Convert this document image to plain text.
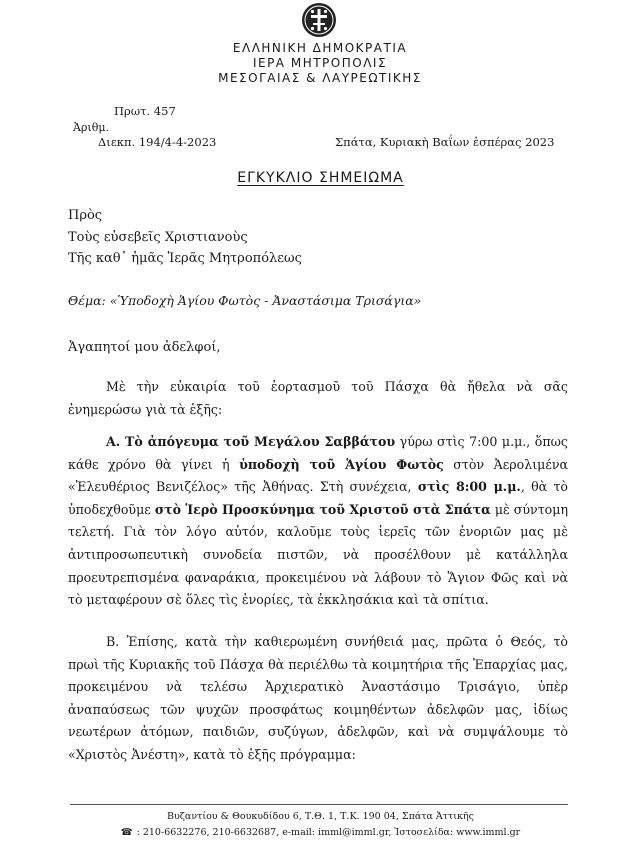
ΕΛΛΗΝΙΚΗ ΔΗΜΟΚΡΑΤΙΑ
ΙΕΡΑ ΜΗΤΡΟΠΟΛΙΣ
ΜΕΣΟΓΑΙΑΣ & ΛΑΥΡΕΩΤΙΚΗΣ
Πρωτ. 457
Ἀριθμ.
Διεκπ. 194/4-4-2023	Σπάτα, Κυριακὴ Βαΐων ἑσπέρας 2023
ΕΓΚΥΚΛΙΟ ΣΗΜΕΙΩΜΑ
Πρὸς
Τοὺς εὐσεβεῖς Χριστιανοὺς
Τῆς καθ᾽ ἡμᾶς Ἱερᾶς Μητροπόλεως
Θέμα: «Ὑποδοχὴ Ἁγίου Φωτὸς - Ἀναστάσιμα Τρισάγια»
Ἀγαπητοί μου ἀδελφοί,
Μὲ τὴν εὐκαιρία τοῦ ἑορτασμοῦ τοῦ Πάσχα θὰ ἤθελα νὰ σᾶς ἐνημερώσω γιὰ τὰ ἑξῆς:
Α. Τὸ ἀπόγευμα τοῦ Μεγάλου Σαββάτου γύρω στὶς 7:00 μ.μ., ὅπως κάθε χρόνο θὰ γίνει ἡ ὑποδοχὴ τοῦ Ἁγίου Φωτὸς στὸν Ἀερολιμένα «Ἐλευθέριος Βενιζέλος» τῆς Ἀθήνας. Στὴ συνέχεια, στὶς 8:00 μ.μ., θὰ τὸ ὑποδεχθοῦμε στὸ Ἱερὸ Προσκύνημα τοῦ Χριστοῦ στὰ Σπάτα μὲ σύντομη τελετή. Γιὰ τὸν λόγο αὐτόν, καλοῦμε τοὺς ἱερεῖς τῶν ἐνοριῶν μας μὲ ἀντιπροσωπευτικὴ συνοδεία πιστῶν, νὰ προσέλθουν μὲ κατάλληλα προευτρεπισμένα φαναράκια, προκειμένου νὰ λάβουν τὸ Ἅγιον Φῶς καὶ νὰ τὸ μεταφέρουν σὲ ὅλες τὶς ἐνορίες, τὰ ἐκκλησάκια καὶ τὰ σπίτια.
Β. Ἐπίσης, κατὰ τὴν καθιερωμένη συνήθειά μας, πρῶτα ὁ Θεός, τὸ πρωὶ τῆς Κυριακῆς τοῦ Πάσχα θὰ περιέλθω τὰ κοιμητήρια τῆς Ἐπαρχίας μας, προκειμένου νὰ τελέσω Ἀρχιερατικὸ Ἀναστάσιμο Τρισάγιο, ὑπὲρ ἀναπαύσεως τῶν ψυχῶν προσφάτως κοιμηθέντων ἀδελφῶν μας, ἰδίως νεωτέρων ἀτόμων, παιδιῶν, συζύγων, ἀδελφῶν, καὶ νὰ συμψάλουμε τὸ «Χριστὸς Ἀνέστη», κατὰ τὸ ἑξῆς πρόγραμμα:
Βυζαντίου & Θουκυδίδου 6, Τ.Θ. 1, Τ.Κ. 190 04, Σπάτα Ἀττικῆς
☎ : 210-6632276, 210-6632687, e-mail: imml@imml.gr, Ἱστοσελίδα: www.imml.gr
